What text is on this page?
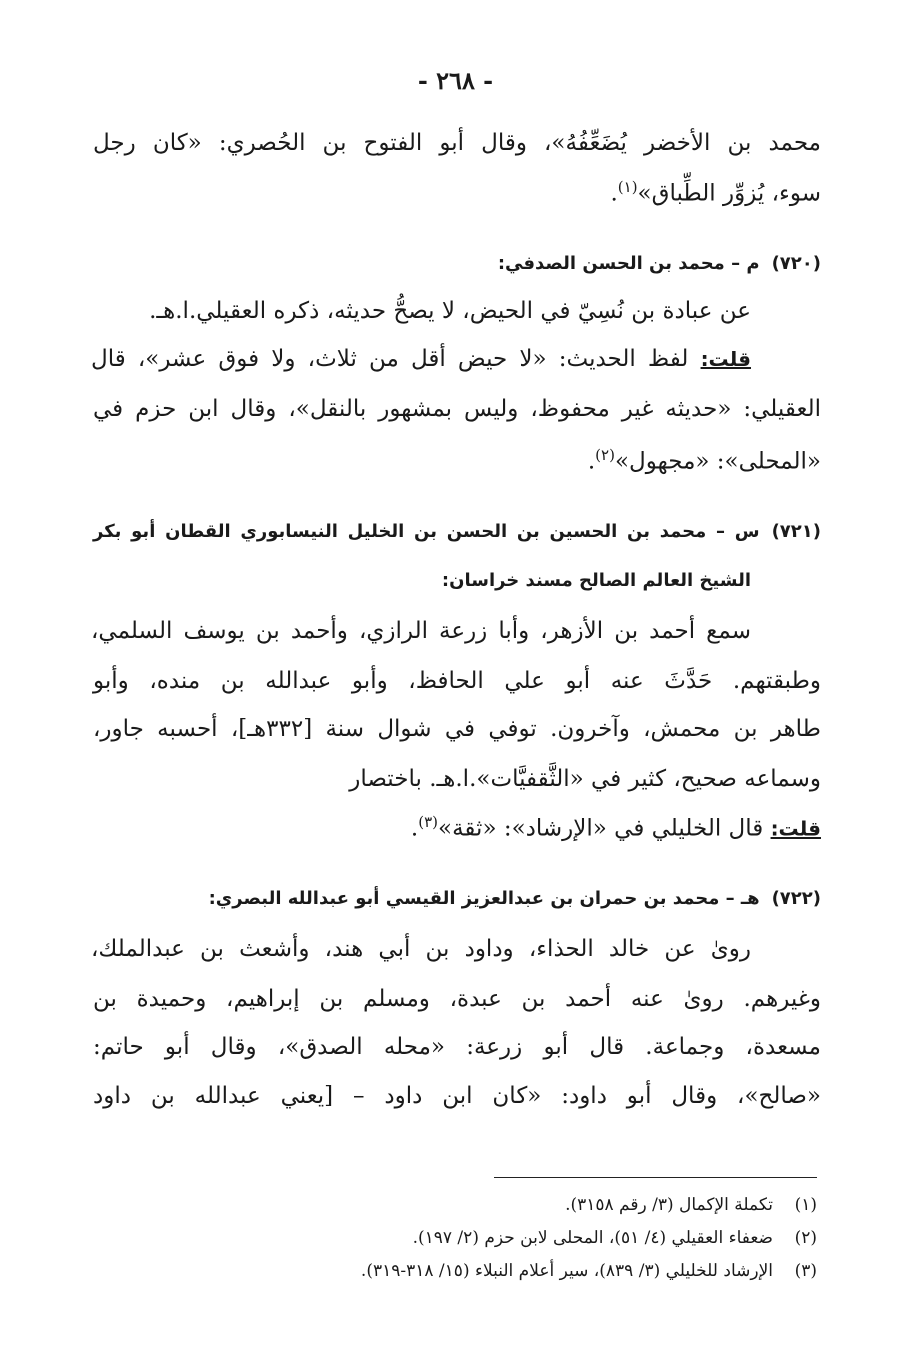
- ٢٦٨ -
محمد بن الأخضر يُضَعِّفُهُ»، وقال أبو الفتوح بن الحُصري: «كان رجل
سوء، يُزوِّر الطِّباق»$^{(١)}$.
(٧٢٠)م – محمد بن الحسن الصدفي:
عن عبادة بن نُسِيّ في الحيض، لا يصحُّ حديثه، ذكره العقيلي.ا.هـ.
قلت: لفظ الحديث: «لا حيض أقل من ثلاث، ولا فوق عشر»، قال
العقيلي: «حديثه غير محفوظ، وليس بمشهور بالنقل»، وقال ابن حزم في
«المحلى»: «مجهول»$^{(٢)}$.
(٧٢١)س – محمد بن الحسين بن الحسن بن الخليل النيسابوري القطان أبو بكر
الشيخ العالم الصالح مسند خراسان:
سمع أحمد بن الأزهر، وأبا زرعة الرازي، وأحمد بن يوسف السلمي،
وطبقتهم. حَدَّثَ عنه أبو علي الحافظ، وأبو عبدالله بن منده، وأبو
طاهر بن محمش، وآخرون. توفي في شوال سنة [٣٣٢هـ]، أحسبه جاور،
وسماعه صحيح، كثير في «الثَّقفيَّات».ا.هـ. باختصار
قلت: قال الخليلي في «الإرشاد»: «ثقة»$^{(٣)}$.
(٧٢٢)هـ – محمد بن حمران بن عبدالعزيز القيسي أبو عبدالله البصري:
روىٰ عن خالد الحذاء، وداود بن أبي هند، وأشعث بن عبدالملك،
وغيرهم. روىٰ عنه أحمد بن عبدة، ومسلم بن إبراهيم، وحميدة بن
مسعدة، وجماعة. قال أبو زرعة: «محله الصدق»، وقال أبو حاتم:
«صالح»، وقال أبو داود: «كان ابن داود – [يعني عبدالله بن داود
(١)تكملة الإكمال (٣/ رقم ٣١٥٨).
(٢)ضعفاء العقيلي (٤/ ٥١)، المحلى لابن حزم (٢/ ١٩٧).
(٣)الإرشاد للخليلي (٣/ ٨٣٩)، سير أعلام النبلاء (١٥/ ٣١٨-٣١٩).
